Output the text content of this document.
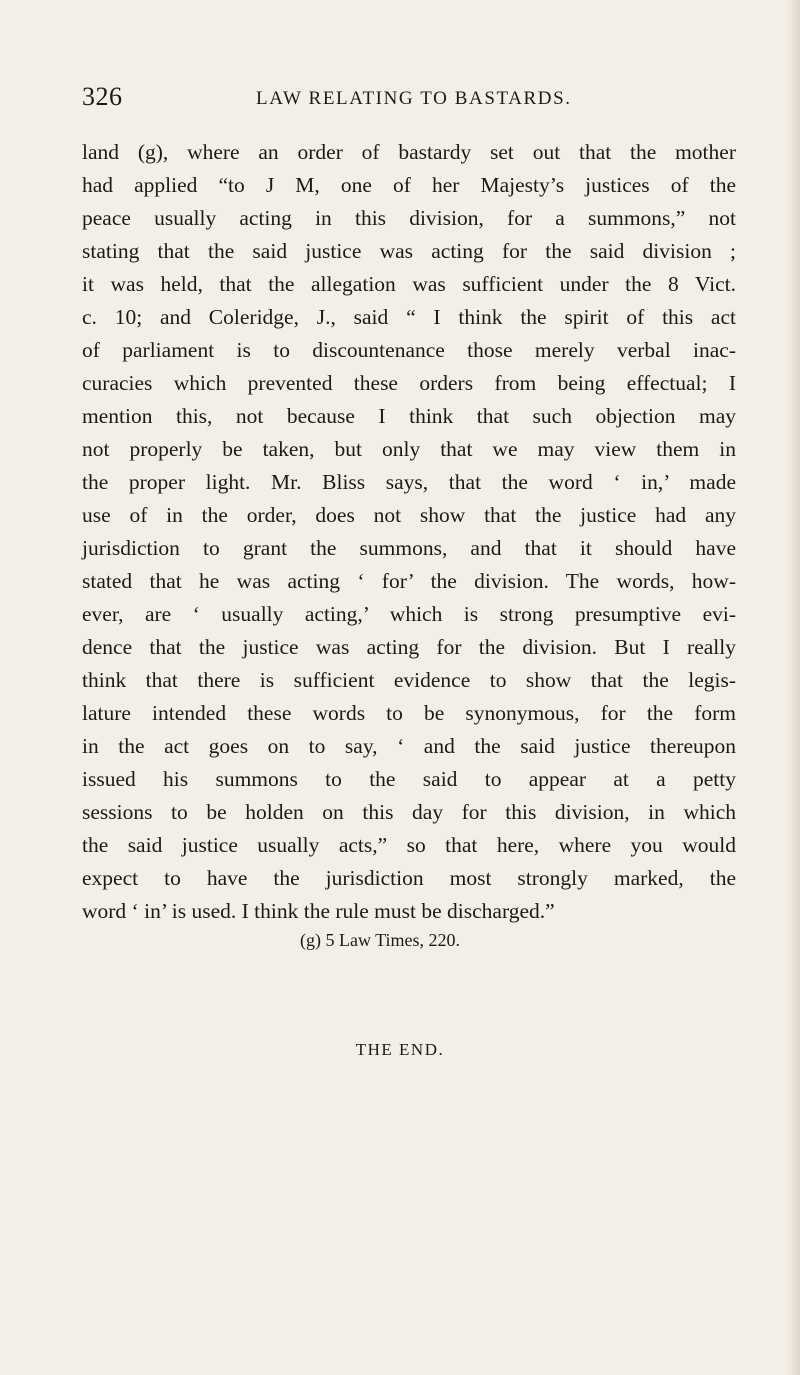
326	LAW RELATING TO BASTARDS.

land (g), where an order of bastardy set out that the mother
had applied “to J M, one of her Majesty’s justices of the
peace usually acting in this division, for a summons,” not
stating that the said justice was acting for the said division ;
it was held, that the allegation was sufficient under the 8 Vict.
c. 10; and Coleridge, J., said “ I think the spirit of this act
of parliament is to discountenance those merely verbal inac-
curacies which prevented these orders from being effectual; I
mention this, not because I think that such objection may
not properly be taken, but only that we may view them in
the proper light. Mr. Bliss says, that the word ‘ in,’ made
use of in the order, does not show that the justice had any
jurisdiction to grant the summons, and that it should have
stated that he was acting ‘ for’ the division. The words, how-
ever, are ‘ usually acting,’ which is strong presumptive evi-
dence that the justice was acting for the division. But I really
think that there is sufficient evidence to show that the legis-
lature intended these words to be synonymous, for the form
in the act goes on to say, ‘ and the said justice thereupon
issued his summons to the said to appear at a petty
sessions to be holden on this day for this division, in which
the said justice usually acts,” so that here, where you would
expect to have the jurisdiction most strongly marked, the
word ‘ in’ is used. I think the rule must be discharged.”

(g) 5 Law Times, 220.
THE END.
